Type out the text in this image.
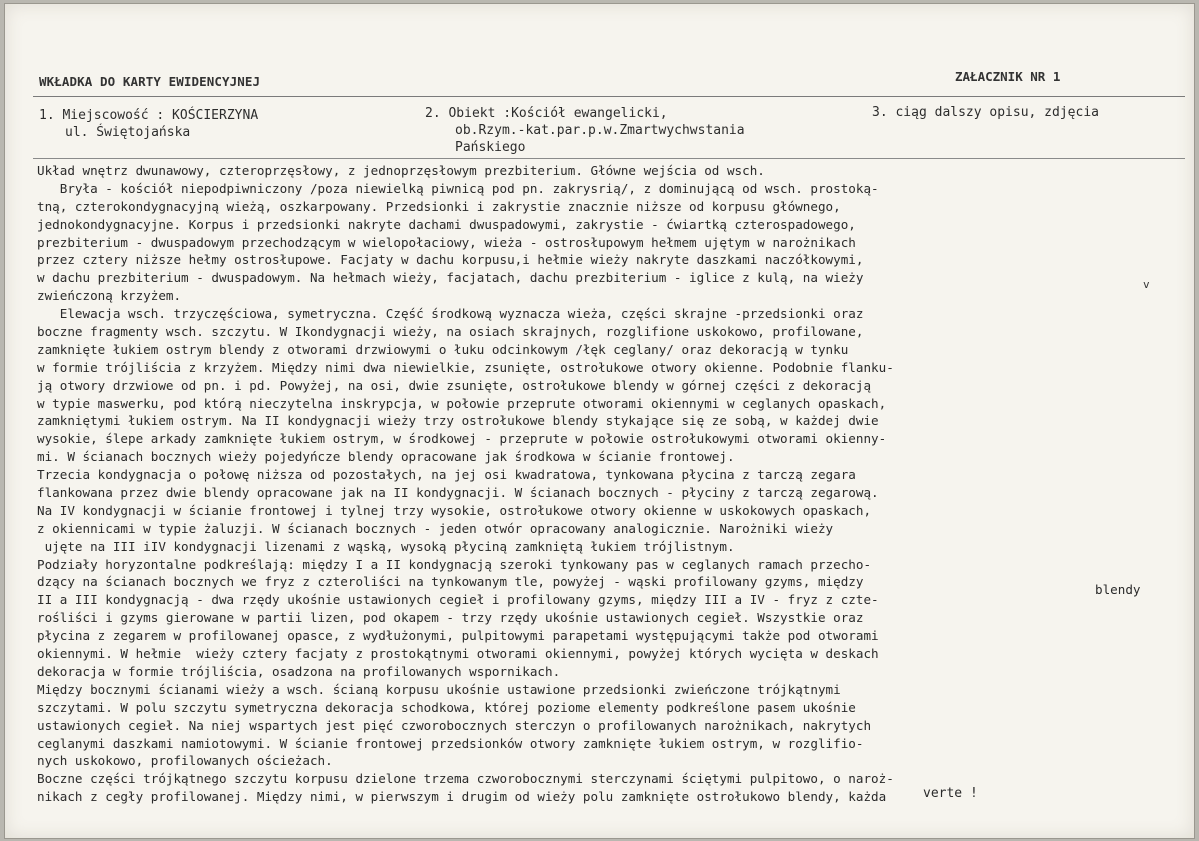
WKŁADKA DO KARTY EWIDENCYJNEJ	ZAŁACZNIK NR 1
1. Miejscowość : KOŚCIERZYNA
ul. Świętojańska
2. Obiekt :Kościół ewangelicki,
ob.Rzym.-kat.par.p.w.Zmartwychwstania
Pańskiego
3. ciąg dalszy opisu, zdjęcia
Układ wnętrz dwunawowy, czteroprzęsłowy, z jednoprzęsłowym prezbiterium. Główne wejścia od wsch.
Bryła - kościół niepodpiwniczony /poza niewielką piwnicą pod pn. zakrysrią/, z dominującą od wsch. prostoką-
tną, czterokondygnacyjną wieżą, oszkarpowany. Przedsionki i zakrystie znacznie niższe od korpusu głównego,
jednokondygnacyjne. Korpus i przedsionki nakryte dachami dwuspadowymi, zakrystie - ćwiartką czterospadowego,
prezbiterium - dwuspadowym przechodzącym w wielopołaciowy, wieża - ostrosłupowym hełmem ujętym w narożnikach
przez cztery niższe hełmy ostrosłupowe. Facjaty w dachu korpusu,i hełmie wieży nakryte daszkami naczółkowymi,
w dachu prezbiterium - dwuspadowym. Na hełmach wieży, facjatach, dachu prezbiterium - iglice z kulą, na wieży
zwieńczoną krzyżem.
Elewacja wsch. trzyczęściowa, symetryczna. Część środkową wyznacza wieża, części skrajne -przedsionki oraz
boczne fragmenty wsch. szczytu. W Ikondygnacji wieży, na osiach skrajnych, rozglifione uskokowo, profilowane,
zamknięte łukiem ostrym blendy z otworami drzwiowymi o łuku odcinkowym /łęk ceglany/ oraz dekoracją w tynku
w formie trójliścia z krzyżem. Między nimi dwa niewielkie, zsunięte, ostrołukowe otwory okienne. Podobnie flanku-
ją otwory drzwiowe od pn. i pd. Powyżej, na osi, dwie zsunięte, ostrołukowe blendy w górnej części z dekoracją
w typie maswerku, pod którą nieczytelna inskrypcja, w połowie przeprute otworami okiennymi w ceglanych opaskach,
zamkniętymi łukiem ostrym. Na II kondygnacji wieży trzy ostrołukowe blendy stykające się ze sobą, w każdej dwie
wysokie, ślepe arkady zamknięte łukiem ostrym, w środkowej - przeprute w połowie ostrołukowymi otworami okienny-
mi. W ścianach bocznych wieży pojedyńcze blendy opracowane jak środkowa w ścianie frontowej.
Trzecia kondygnacja o połowę niższa od pozostałych, na jej osi kwadratowa, tynkowana płycina z tarczą zegara
flankowana przez dwie blendy opracowane jak na II kondygnacji. W ścianach bocznych - płyciny z tarczą zegarową.
Na IV kondygnacji w ścianie frontowej i tylnej trzy wysokie, ostrołukowe otwory okienne w uskokowych opaskach,
z okiennicami w typie żaluzji. W ścianach bocznych - jeden otwór opracowany analogicznie. Narożniki wieży
ujęte na III iIV kondygnacji lizenami z wąską, wysoką płyciną zamkniętą łukiem trójlistnym.
Podziały horyzontalne podkreślają: między I a II kondygnacją szeroki tynkowany pas w ceglanych ramach przecho-
dzący na ścianach bocznych we fryz z czteroliści na tynkowanym tle, powyżej - wąski profilowany gzyms, między
II a III kondygnacją - dwa rzędy ukośnie ustawionych cegieł i profilowany gzyms, między III a IV - fryz z czte-
rośliści i gzyms gierowane w partii lizen, pod okapem - trzy rzędy ukośnie ustawionych cegieł. Wszystkie oraz
płycina z zegarem w profilowanej opasce, z wydłużonymi, pulpitowymi parapetami występującymi także pod otworami
okiennymi. W hełmie  wieży cztery facjaty z prostokątnymi otworami okiennymi, powyżej których wycięta w deskach
dekoracja w formie trójliścia, osadzona na profilowanych wspornikach.
Między bocznymi ścianami wieży a wsch. ścianą korpusu ukośnie ustawione przedsionki zwieńczone trójkątnymi
szczytami. W polu szczytu symetryczna dekoracja schodkowa, której poziome elementy podkreślone pasem ukośnie
ustawionych cegieł. Na niej wspartych jest pięć czworobocznych sterczyn o profilowanych narożnikach, nakrytych
ceglanymi daszkami namiotowymi. W ścianie frontowej przedsionków otwory zamknięte łukiem ostrym, w rozglifio-
nych uskokowo, profilowanych ościeżach.
Boczne części trójkątnego szczytu korpusu dzielone trzema czworobocznymi sterczynami ściętymi pulpitowo, o naroż-
nikach z cegły profilowanej. Między nimi, w pierwszym i drugim od wieży polu zamknięte ostrołukowo blendy, każda
v
blendy
verte !
